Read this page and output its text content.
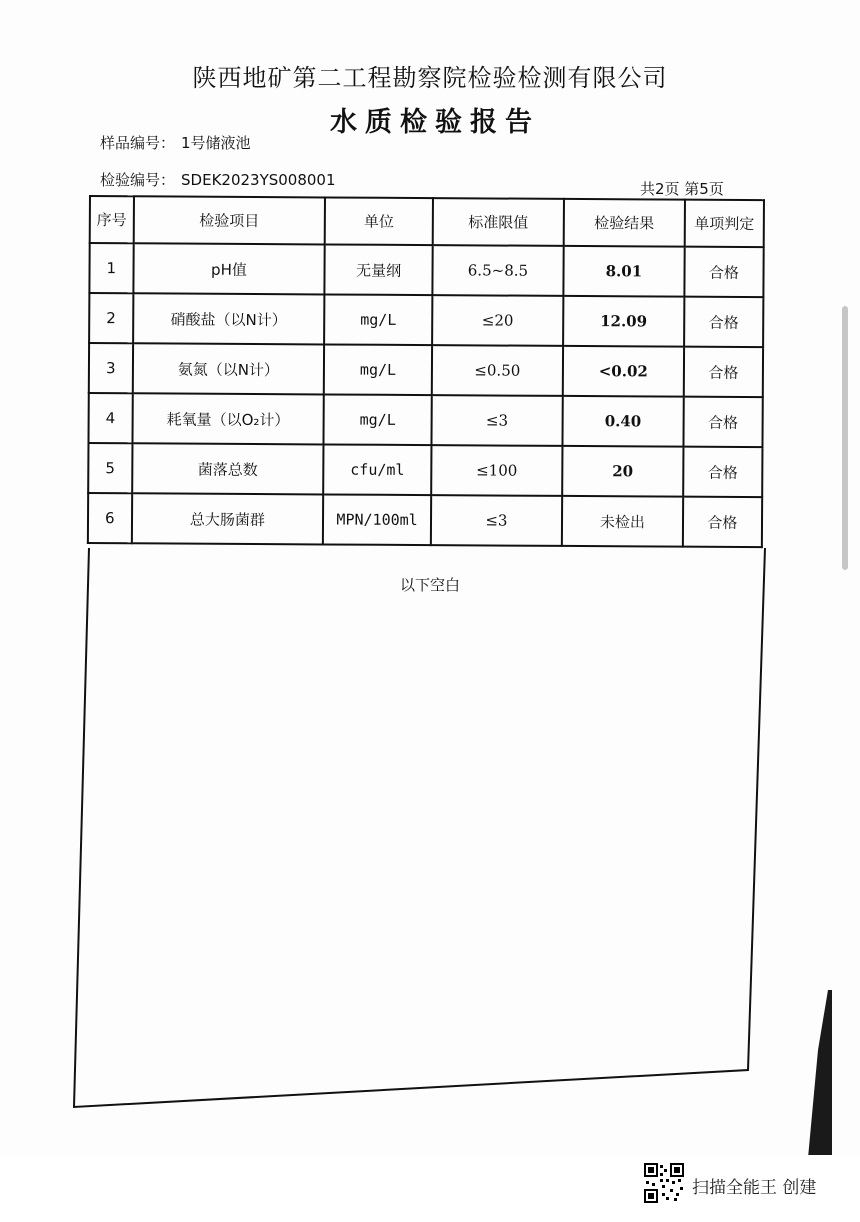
陕西地矿第二工程勘察院检验检测有限公司
水质检验报告
样品编号： 1号储液池
检验编号： SDEK2023YS008001	共2页 第5页
序号	检验项目	单位	标准限值	检验结果	单项判定
1	pH值	无量纲	6.5~8.5	8.01	合格
2	硝酸盐（以N计）	mg/L	≤20	12.09	合格
3	氨氮（以N计）	mg/L	≤0.50	<0.02	合格
4	耗氧量（以O₂计）	mg/L	≤3	0.40	合格
5	菌落总数	cfu/ml	≤100	20	合格
6	总大肠菌群	MPN/100ml	≤3	未检出	合格
以下空白
扫描全能王 创建
